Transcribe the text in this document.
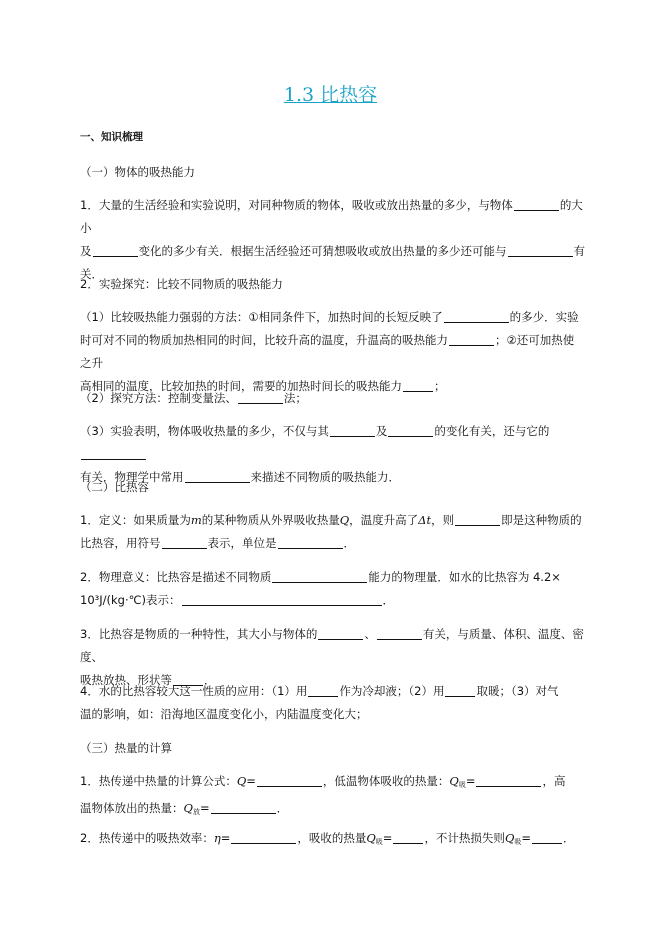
1.3 比热容
一、知识梳理
（一）物体的吸热能力
1．大量的生活经验和实验说明，对同种物质的物体，吸收或放出热量的多少，与物体	的大小
及	变化的多少有关．根据生活经验还可猜想吸收或放出热量的多少还可能与	有
关．
2．实验探究：比较不同物质的吸热能力
（1）比较吸热能力强弱的方法：①相同条件下，加热时间的长短反映了	的多少．实验
时可对不同的物质加热相同的时间，比较升高的温度，升温高的吸热能力	；②还可加热使之升
高相同的温度，比较加热的时间，需要的加热时间长的吸热能力	；
（2）探究方法：控制变量法、	法；
（3）实验表明，物体吸收热量的多少，不仅与其	及	的变化有关，还与它的
有关．物理学中常用	来描述不同物质的吸热能力．
（二）比热容
1．定义：如果质量为m的某种物质从外界吸收热量Q，温度升高了Δt，则	即是这种物质的
比热容，用符号	表示，单位是	．
2．物理意义：比热容是描述不同物质	能力的物理量．如水的比热容为 4.2×
10³J/(kg·℃)表示：	．
3．比热容是物质的一种特性，其大小与物体的	、	有关，与质量、体积、温度、密度、
吸热放热、形状等	．
4．水的比热容较大这一性质的应用：（1）用	作为冷却液；（2）用	取暖；（3）对气
温的影响，如：沿海地区温度变化小，内陆温度变化大；
（三）热量的计算
1．热传递中热量的计算公式：Q=	，低温物体吸收的热量：$Q_吸=$	，高
温物体放出的热量：$Q_放=$	．
2．热传递中的吸热效率：η=	，吸收的热量$Q_吸=$	，不计热损失则$Q_吸=$	．
